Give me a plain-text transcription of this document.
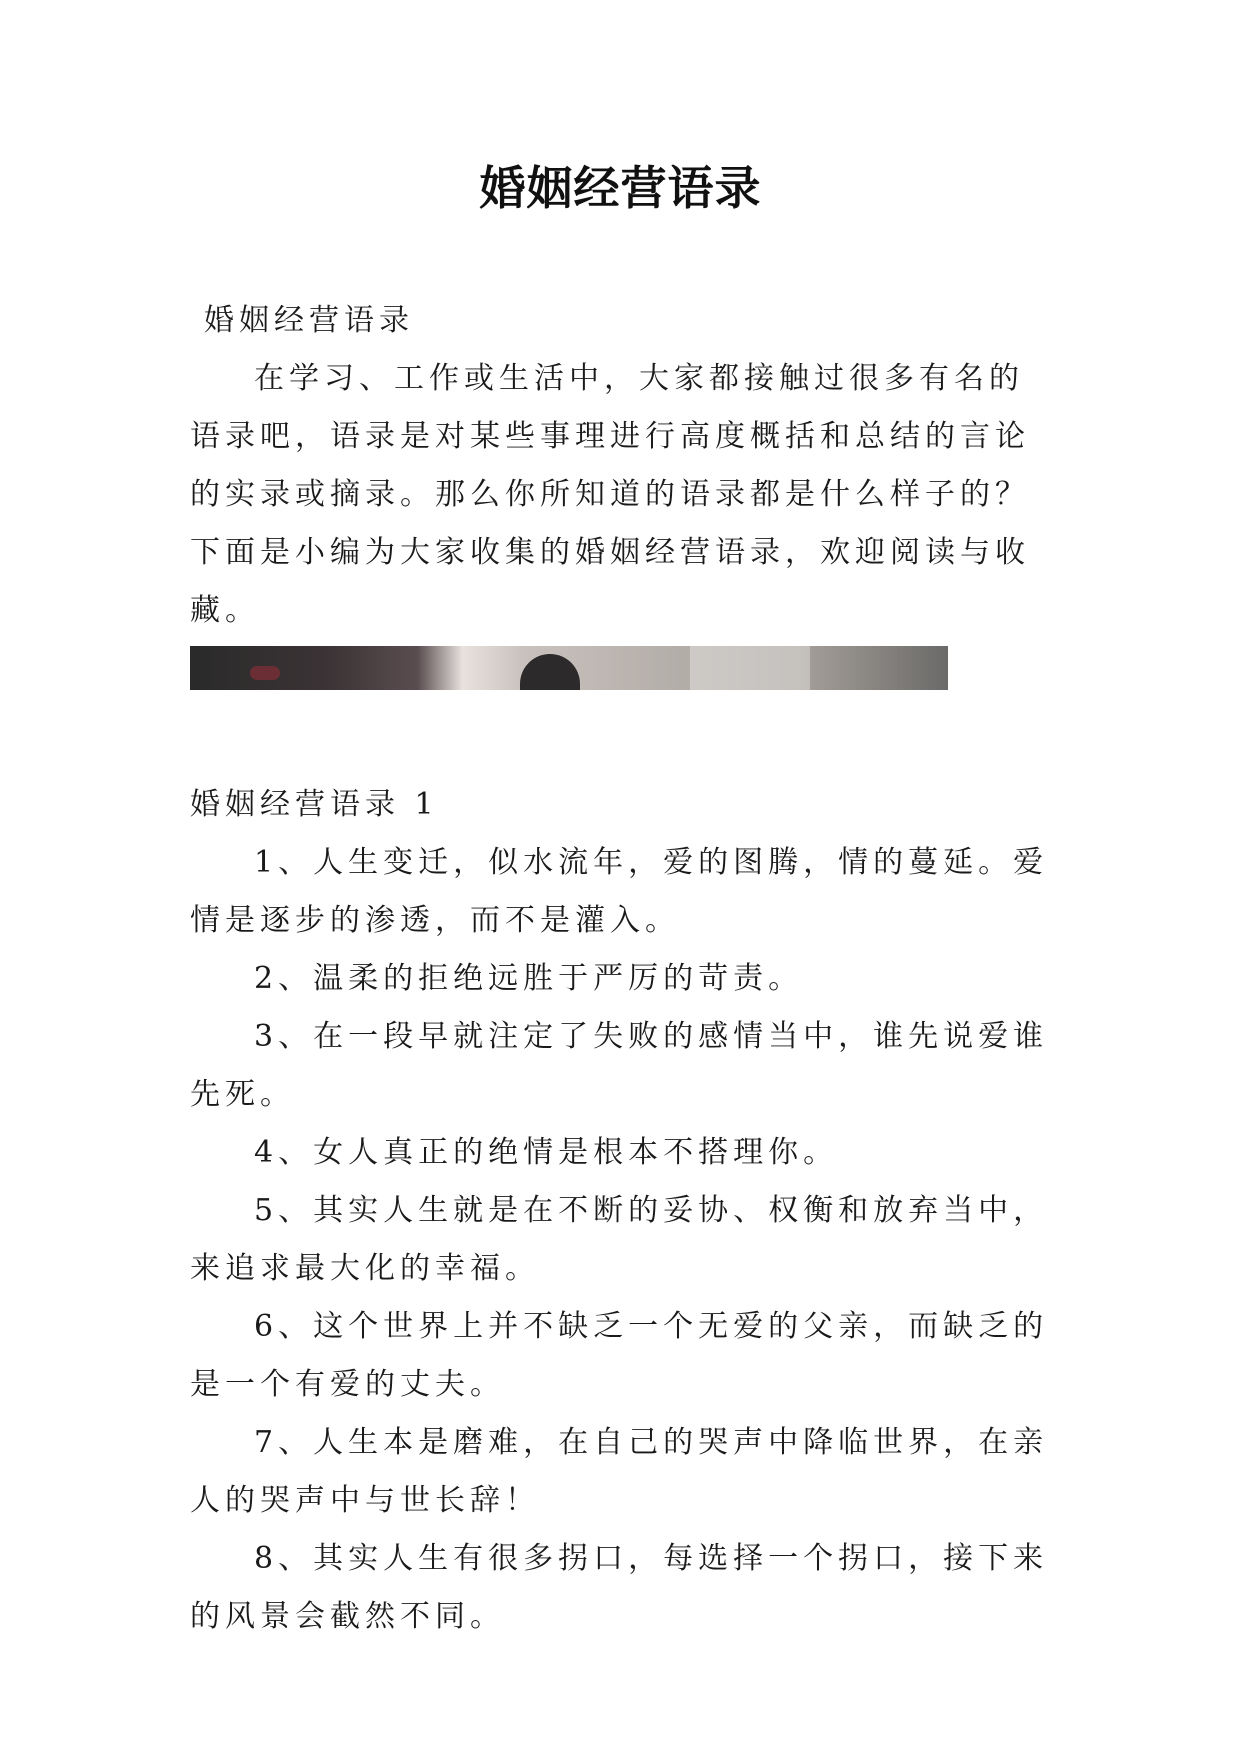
婚姻经营语录

婚姻经营语录

在学习、工作或生活中，大家都接触过很多有名的语录吧，语录是对某些事理进行高度概括和总结的言论的实录或摘录。那么你所知道的语录都是什么样子的？下面是小编为大家收集的婚姻经营语录，欢迎阅读与收藏。

婚姻经营语录 1

1、人生变迁，似水流年，爱的图腾，情的蔓延。爱情是逐步的渗透，而不是灌入。

2、温柔的拒绝远胜于严厉的苛责。

3、在一段早就注定了失败的感情当中，谁先说爱谁先死。

4、女人真正的绝情是根本不搭理你。

5、其实人生就是在不断的妥协、权衡和放弃当中，来追求最大化的幸福。

6、这个世界上并不缺乏一个无爱的父亲，而缺乏的是一个有爱的丈夫。

7、人生本是磨难，在自己的哭声中降临世界，在亲人的哭声中与世长辞！

8、其实人生有很多拐口，每选择一个拐口，接下来的风景会截然不同。
